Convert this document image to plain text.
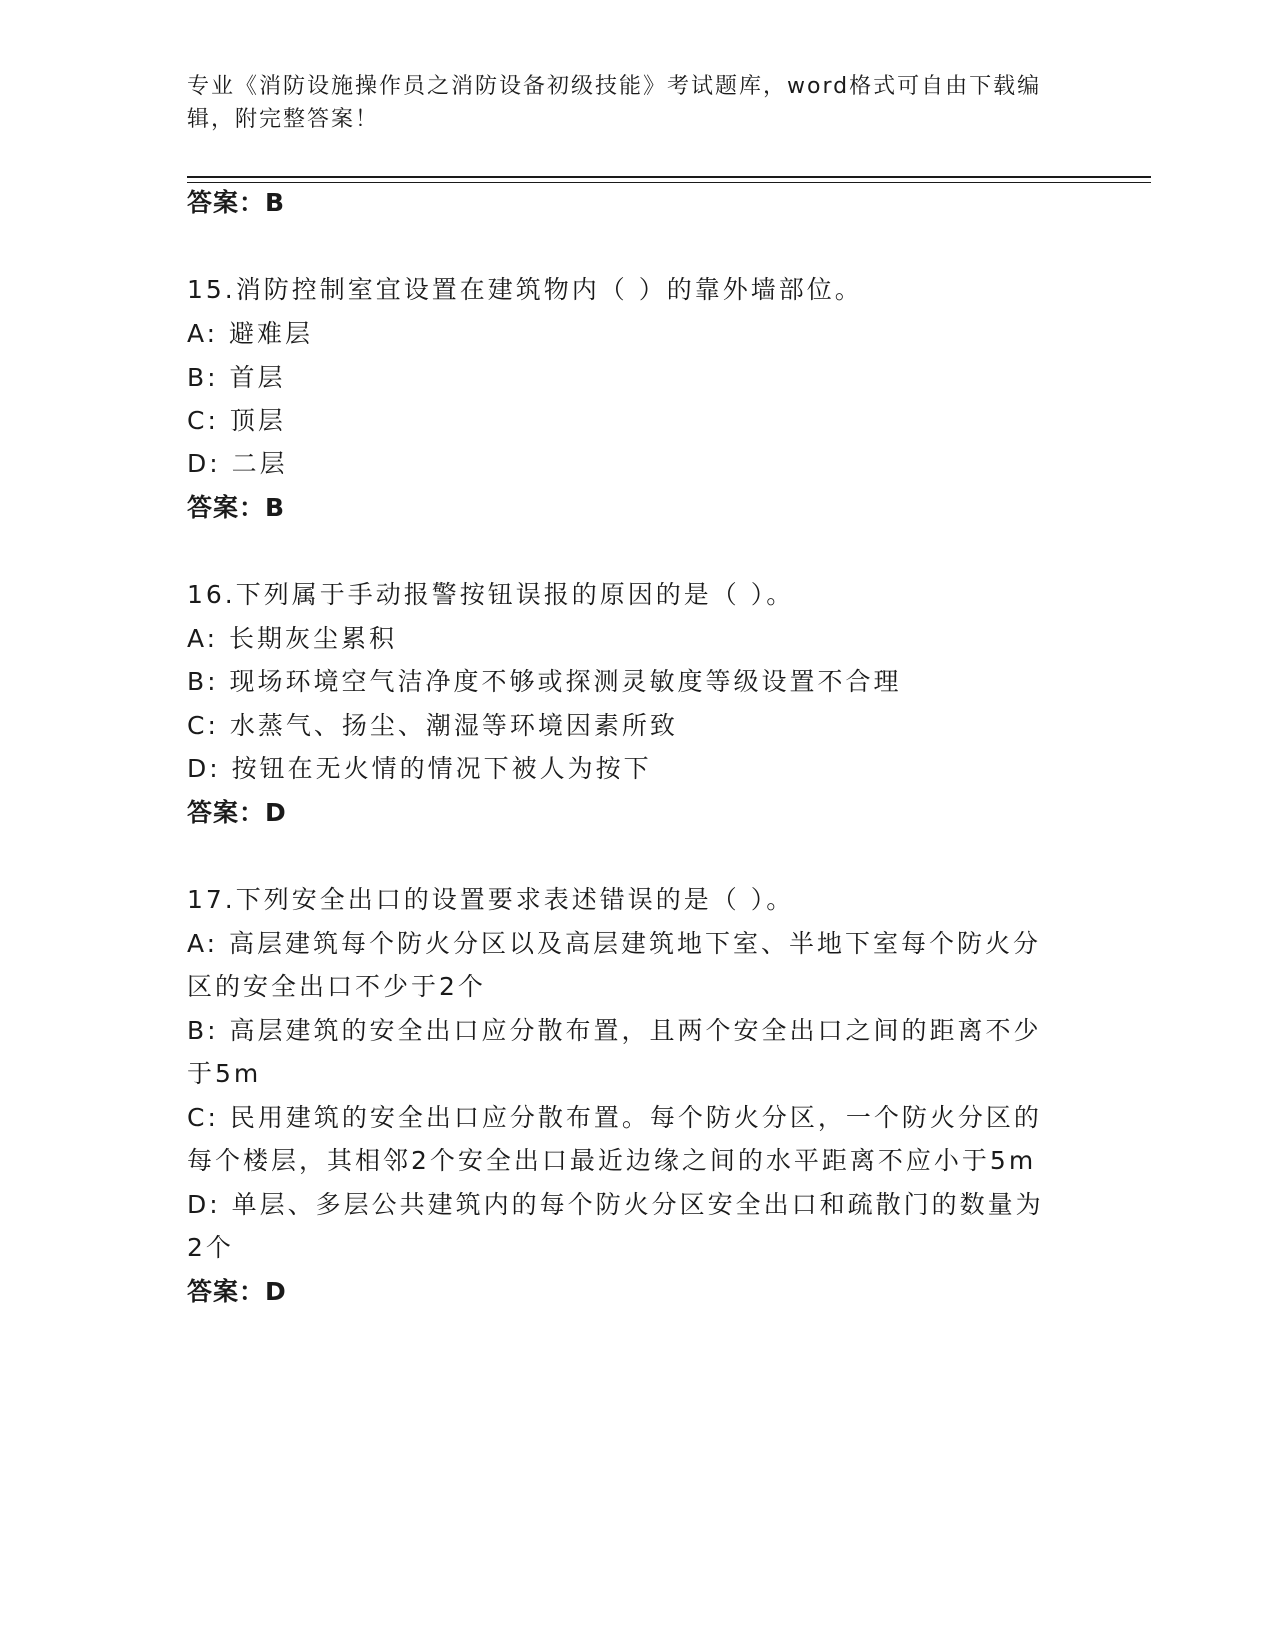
专业《消防设施操作员之消防设备初级技能》考试题库，word格式可自由下载编辑，附完整答案！

答案：B

15.消防控制室宜设置在建筑物内（ ）的靠外墙部位。

A: 避难层

B: 首层

C: 顶层

D: 二层

答案：B

16.下列属于手动报警按钮误报的原因的是（ ）。

A: 长期灰尘累积

B: 现场环境空气洁净度不够或探测灵敏度等级设置不合理

C: 水蒸气、扬尘、潮湿等环境因素所致

D: 按钮在无火情的情况下被人为按下

答案：D

17.下列安全出口的设置要求表述错误的是（ ）。

A: 高层建筑每个防火分区以及高层建筑地下室、半地下室每个防火分

区的安全出口不少于2个

B: 高层建筑的安全出口应分散布置，且两个安全出口之间的距离不少

于5m

C: 民用建筑的安全出口应分散布置。每个防火分区，一个防火分区的

每个楼层，其相邻2个安全出口最近边缘之间的水平距离不应小于5m

D: 单层、多层公共建筑内的每个防火分区安全出口和疏散门的数量为

2个

答案：D
